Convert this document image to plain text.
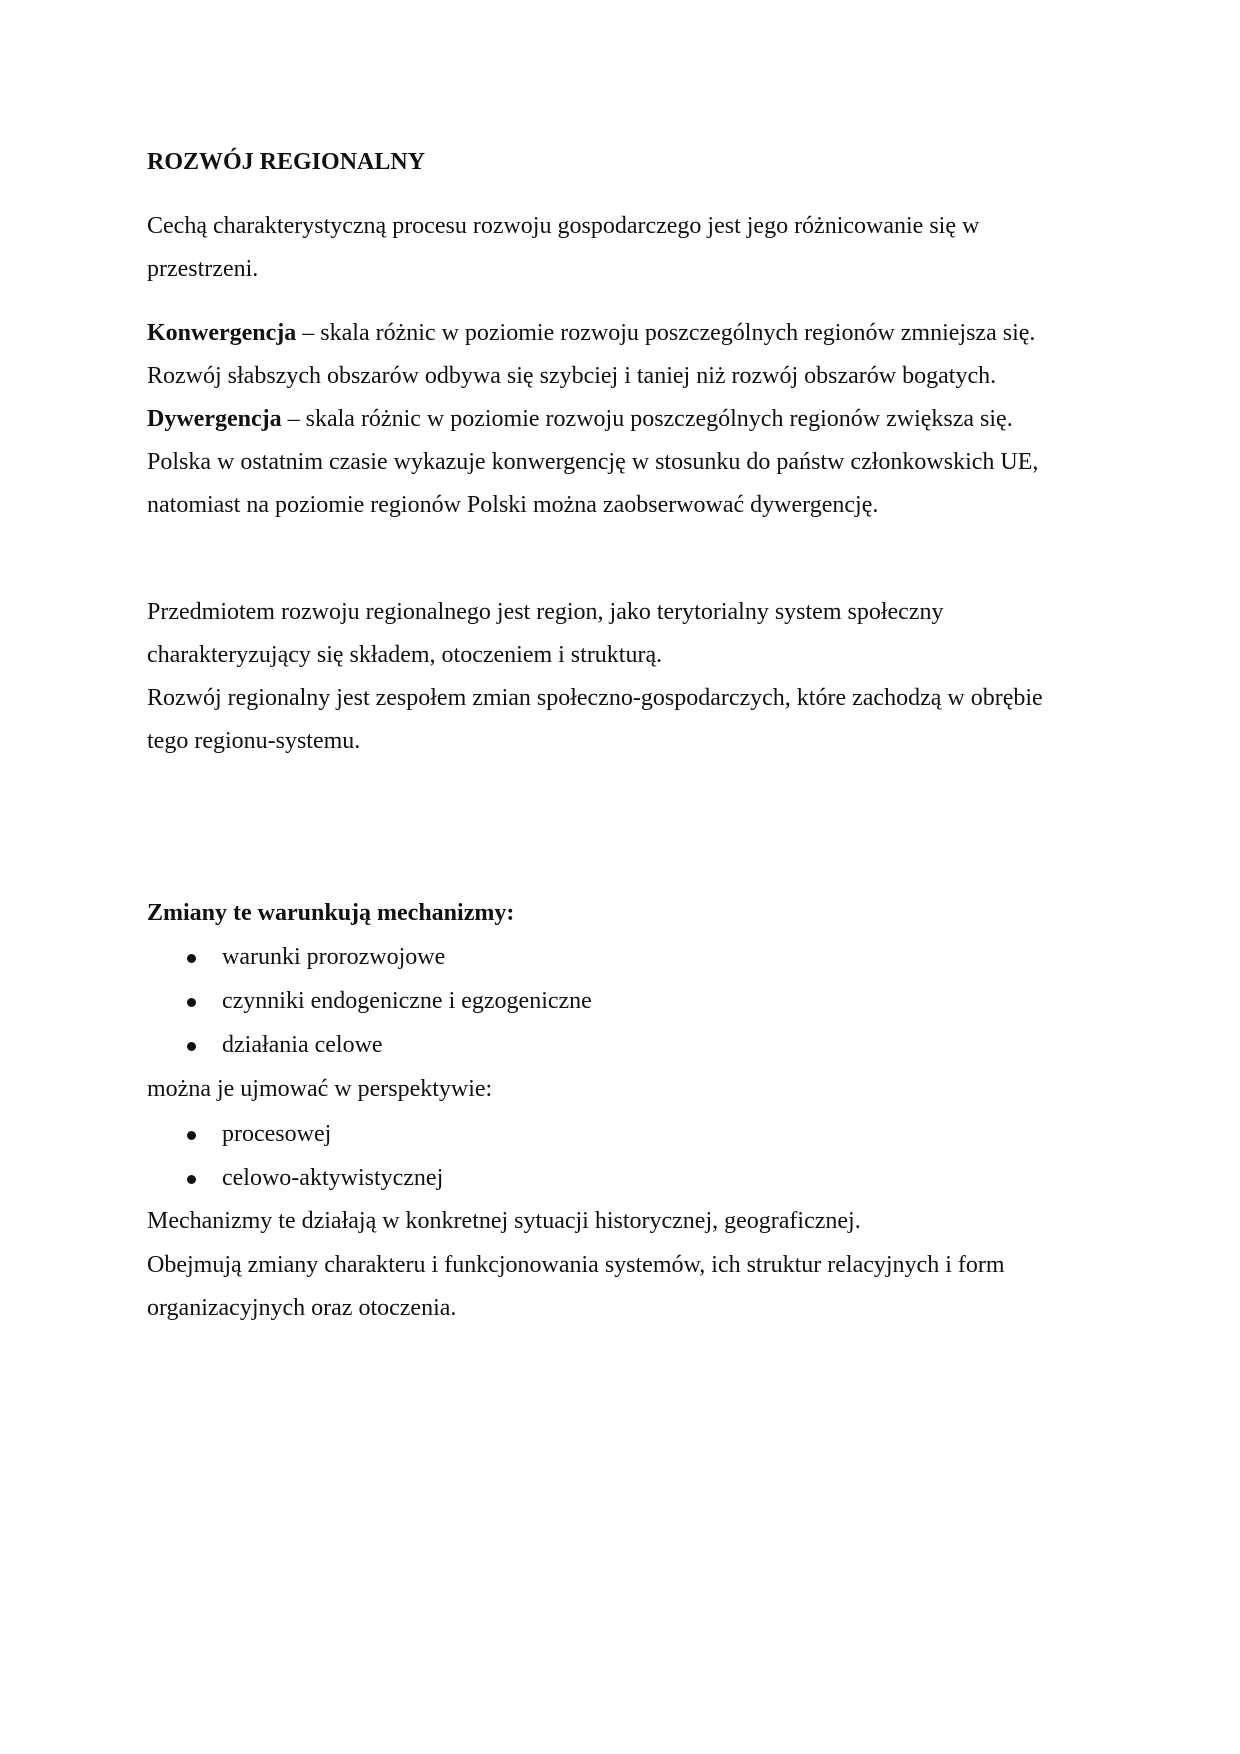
ROZWÓJ REGIONALNY
Cechą charakterystyczną procesu rozwoju gospodarczego jest jego różnicowanie się w
przestrzeni.
Konwergencja – skala różnic w poziomie rozwoju poszczególnych regionów zmniejsza się.
Rozwój słabszych obszarów odbywa się szybciej i taniej niż rozwój obszarów bogatych.
Dywergencja – skala różnic w poziomie rozwoju poszczególnych regionów zwiększa się.
Polska w ostatnim czasie wykazuje konwergencję w stosunku do państw członkowskich UE,
natomiast na poziomie regionów Polski można zaobserwować dywergencję.
Przedmiotem rozwoju regionalnego jest region, jako terytorialny system społeczny
charakteryzujący się składem, otoczeniem i strukturą.
Rozwój regionalny jest zespołem zmian społeczno-gospodarczych, które zachodzą w obrębie
tego regionu-systemu.
Zmiany te warunkują mechanizmy:
warunki prorozwojowe
czynniki endogeniczne i egzogeniczne
działania celowe
można je ujmować w perspektywie:
procesowej
celowo-aktywistycznej
Mechanizmy te działają w konkretnej sytuacji historycznej, geograficznej.
Obejmują zmiany charakteru i funkcjonowania systemów, ich struktur relacyjnych i form
organizacyjnych oraz otoczenia.
